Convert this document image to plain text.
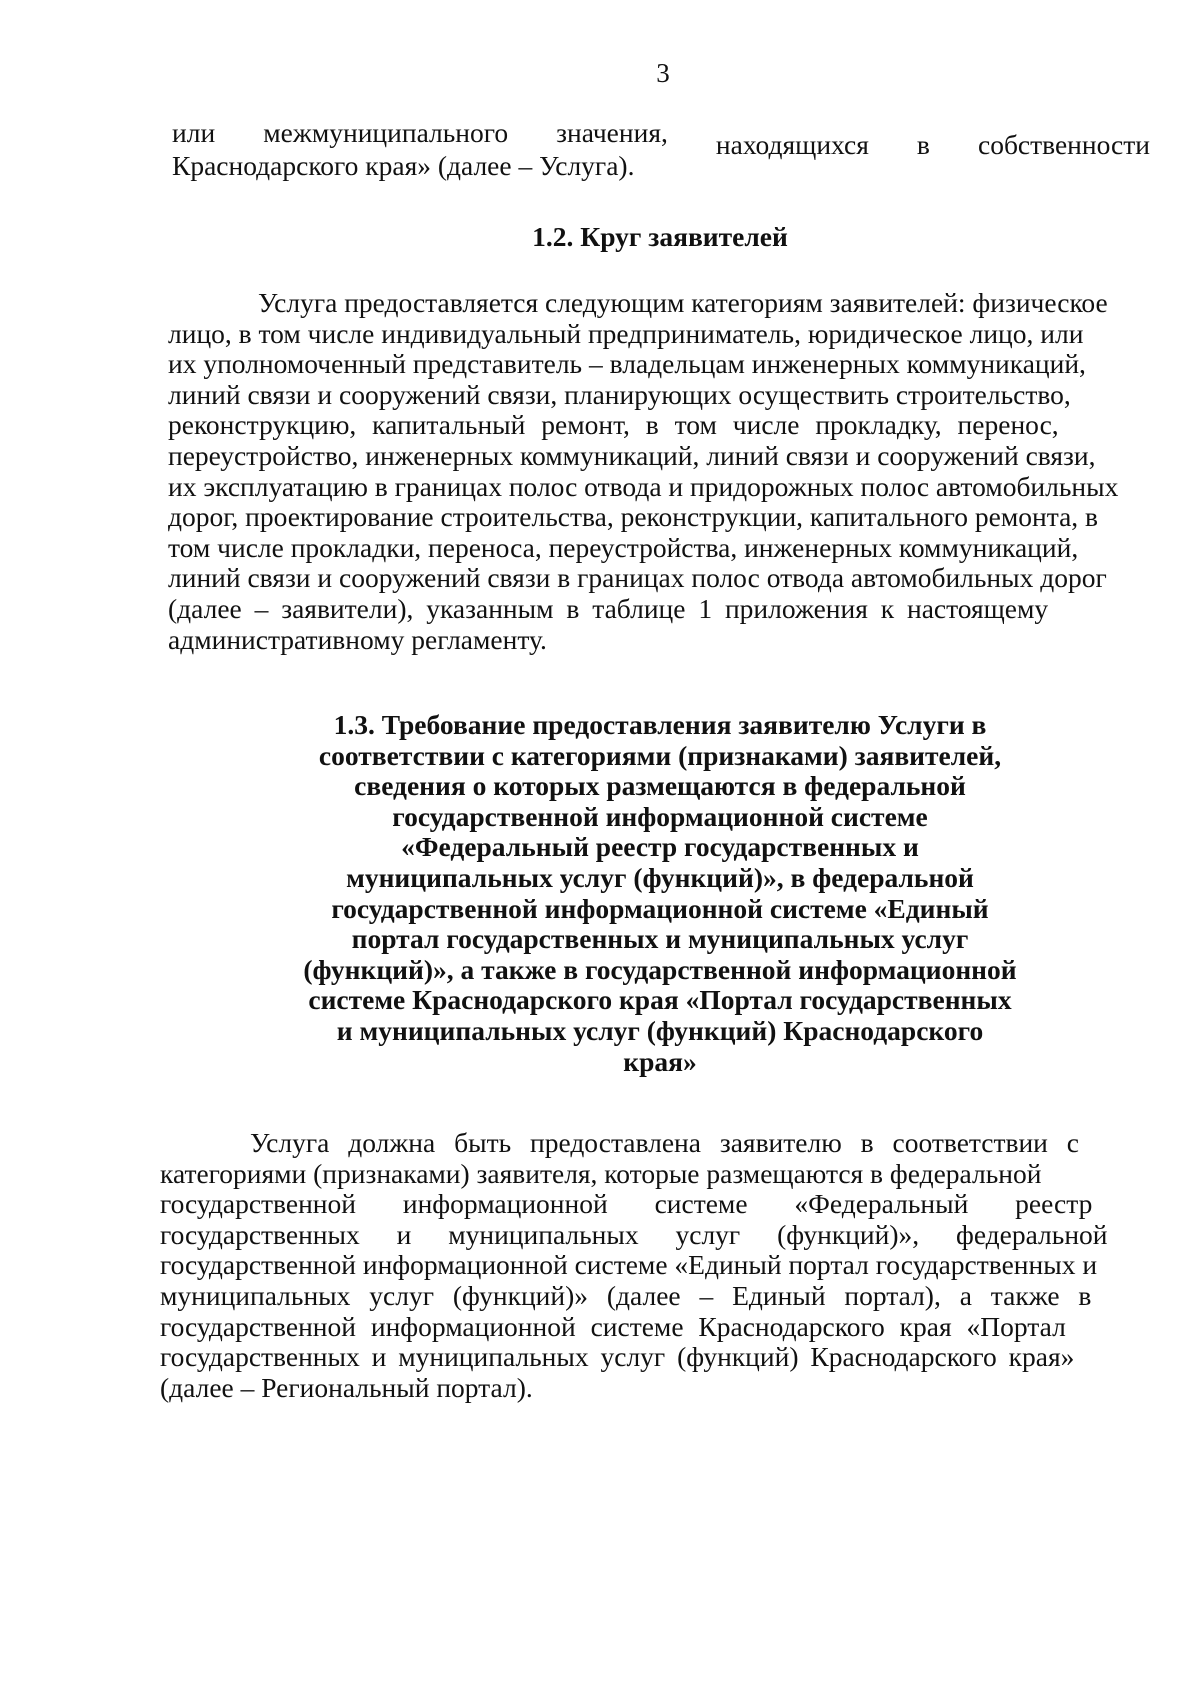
3
или межмуниципального значения, находящихся в собственности
Краснодарского края» (далее – Услуга).
1.2. Круг заявителей
Услуга предоставляется следующим категориям заявителей: физическое
лицо, в том числе индивидуальный предприниматель, юридическое лицо, или
их уполномоченный представитель – владельцам инженерных коммуникаций,
линий связи и сооружений связи, планирующих осуществить строительство,
реконструкцию, капитальный ремонт, в том числе прокладку, перенос,
переустройство, инженерных коммуникаций, линий связи и сооружений связи,
их эксплуатацию в границах полос отвода и придорожных полос автомобильных
дорог, проектирование строительства, реконструкции, капитального ремонта, в
том числе прокладки, переноса, переустройства, инженерных коммуникаций,
линий связи и сооружений связи в границах полос отвода автомобильных дорог
(далее – заявители), указанным в таблице 1 приложения к настоящему
административному регламенту.
1.3. Требование предоставления заявителю Услуги в
соответствии с категориями (признаками) заявителей,
сведения о которых размещаются в федеральной
государственной информационной системе
«Федеральный реестр государственных и
муниципальных услуг (функций)», в федеральной
государственной информационной системе «Единый
портал государственных и муниципальных услуг
(функций)», а также в государственной информационной
системе Краснодарского края «Портал государственных
и муниципальных услуг (функций) Краснодарского
края»
Услуга должна быть предоставлена заявителю в соответствии с
категориями (признаками) заявителя, которые размещаются в федеральной
государственной информационной системе «Федеральный реестр
государственных и муниципальных услуг (функций)», федеральной
государственной информационной системе «Единый портал государственных и
муниципальных услуг (функций)» (далее – Единый портал), а также в
государственной информационной системе Краснодарского края «Портал
государственных и муниципальных услуг (функций) Краснодарского края»
(далее – Региональный портал).
